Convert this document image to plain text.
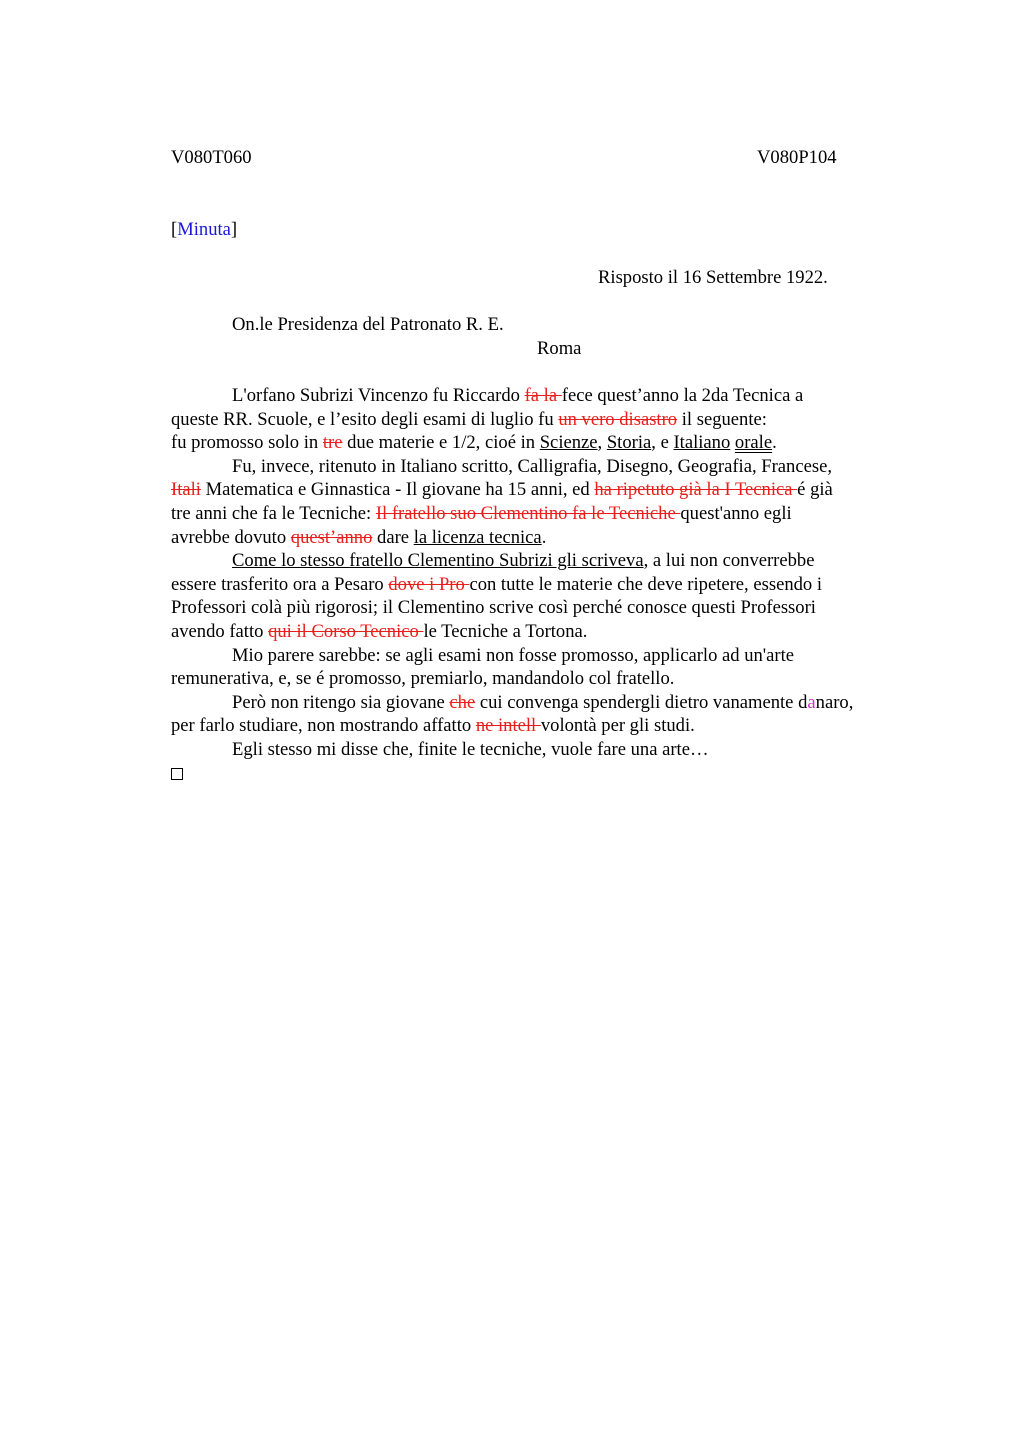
V080T060	V080P104
[Minuta]
Risposto il 16 Settembre 1922.
On.le Presidenza del Patronato R. E.
Roma
L'orfano Subrizi Vincenzo fu Riccardo fa la fece quest’anno la 2da Tecnica a
queste RR. Scuole, e l’esito degli esami di luglio fu un vero disastro il seguente:
fu promosso solo in tre due materie e 1/2, cioé in Scienze, Storia, e Italiano orale.
Fu, invece, ritenuto in Italiano scritto, Calligrafia, Disegno, Geografia, Francese,
Itali Matematica e Ginnastica - Il giovane ha 15 anni, ed ha ripetuto già la I Tecnica é già
tre anni che fa le Tecniche: Il fratello suo Clementino fa le Tecniche quest'anno egli
avrebbe dovuto quest’anno dare la licenza tecnica.
Come lo stesso fratello Clementino Subrizi gli scriveva, a lui non converrebbe
essere trasferito ora a Pesaro dove i Pro con tutte le materie che deve ripetere, essendo i
Professori colà più rigorosi; il Clementino scrive così perché conosce questi Professori
avendo fatto qui il Corso Tecnico le Tecniche a Tortona.
Mio parere sarebbe: se agli esami non fosse promosso, applicarlo ad un'arte
remunerativa, e, se é promosso, premiarlo, mandandolo col fratello.
Però non ritengo sia giovane che cui convenga spendergli dietro vanamente danaro,
per farlo studiare, non mostrando affatto ne intell volontà per gli studi.
Egli stesso mi disse che, finite le tecniche, vuole fare una arte…
